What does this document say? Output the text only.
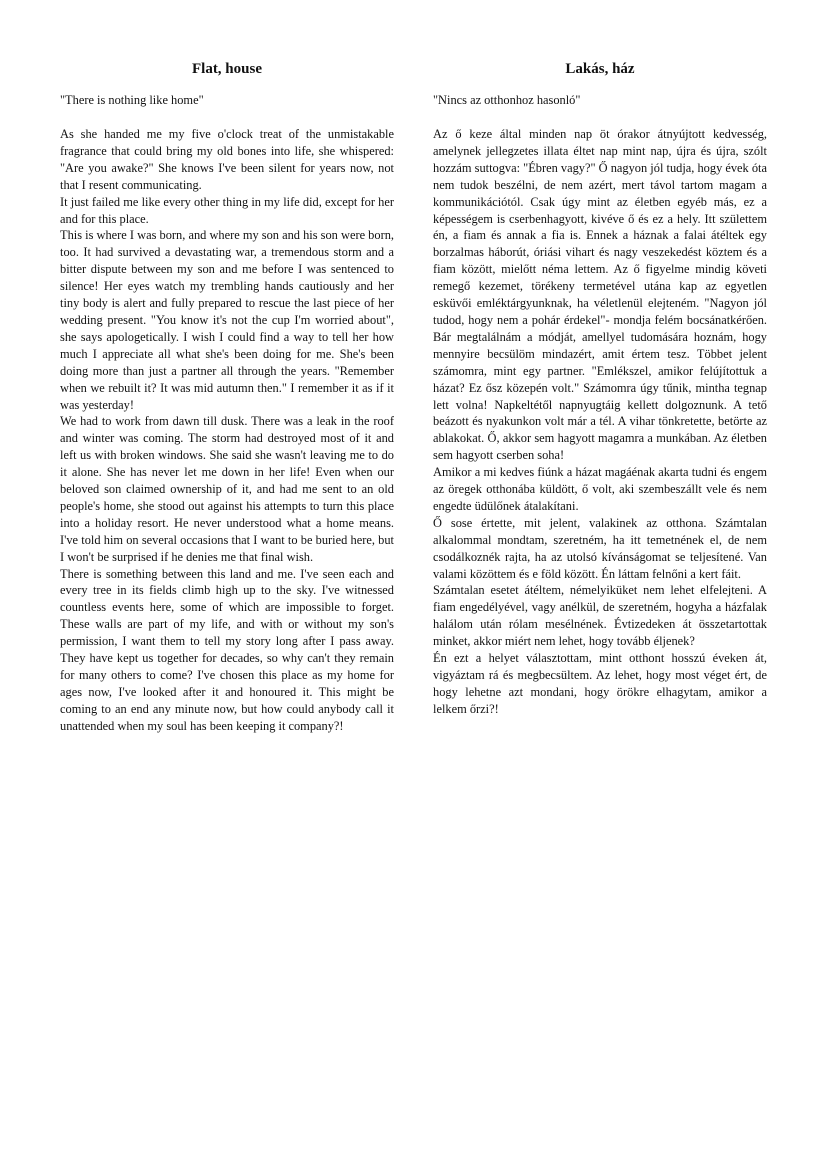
Flat, house

"There is nothing like home"

As she handed me my five o'clock treat of the unmistakable fragrance that could bring my old bones into life, she whispered: "Are you awake?" She knows I've been silent for years now, not that I resent communicating.

It just failed me like every other thing in my life did, except for her and for this place.

This is where I was born, and where my son and his son were born, too. It had survived a devastating war, a tremendous storm and a bitter dispute between my son and me before I was sentenced to silence! Her eyes watch my trembling hands cautiously and her tiny body is alert and fully prepared to rescue the last piece of her wedding present. "You know it's not the cup I'm worried about", she says apologetically. I wish I could find a way to tell her how much I appreciate all what she's been doing for me. She's been doing more than just a partner all through the years. "Remember when we rebuilt it? It was mid autumn then." I remember it as if it was yesterday!

We had to work from dawn till dusk. There was a leak in the roof and winter was coming. The storm had destroyed most of it and left us with broken windows. She said she wasn't leaving me to do it alone. She has never let me down in her life! Even when our beloved son claimed ownership of it, and had me sent to an old people's home, she stood out against his attempts to turn this place into a holiday resort. He never understood what a home means. I've told him on several occasions that I want to be buried here, but I won't be surprised if he denies me that final wish.

There is something between this land and me. I've seen each and every tree in its fields climb high up to the sky. I've witnessed countless events here, some of which are impossible to forget. These walls are part of my life, and with or without my son's permission, I want them to tell my story long after I pass away. They have kept us together for decades, so why can't they remain for many others to come? I've chosen this place as my home for ages now, I've looked after it and honoured it. This might be coming to an end any minute now, but how could anybody call it unattended when my soul has been keeping it company?!

Lakás, ház

"Nincs az otthonhoz hasonló"

Az ő keze által minden nap öt órakor átnyújtott kedvesség, amelynek jellegzetes illata éltet nap mint nap, újra és újra, szólt hozzám suttogva: "Ébren vagy?" Ő nagyon jól tudja, hogy évek óta nem tudok beszélni, de nem azért, mert távol tartom magam a kommunikációtól. Csak úgy mint az életben egyéb más, ez a képességem is cserbenhagyott, kivéve ő és ez a hely. Itt születtem én, a fiam és annak a fia is. Ennek a háznak a falai átéltek egy borzalmas háborút, óriási vihart és nagy veszekedést köztem és a fiam között, mielőtt néma lettem. Az ő figyelme mindig követi remegő kezemet, törékeny termetével utána kap az egyetlen esküvői emléktárgyunknak, ha véletlenül elejteném. "Nagyon jól tudod, hogy nem a pohár érdekel"- mondja felém bocsánatkérően. Bár megtalálnám a módját, amellyel tudomására hoznám, hogy mennyire becsülöm mindazért, amit értem tesz. Többet jelent számomra, mint egy partner. "Emlékszel, amikor felújítottuk a házat? Ez ősz közepén volt." Számomra úgy tűnik, mintha tegnap lett volna! Napkeltétől napnyugtáig kellett dolgoznunk. A tető beázott és nyakunkon volt már a tél. A vihar tönkretette, betörte az ablakokat. Ő, akkor sem hagyott magamra a munkában. Az életben sem hagyott cserben soha!

Amikor a mi kedves fiúnk a házat magáénak akarta tudni és engem az öregek otthonába küldött, ő volt, aki szembeszállt vele és nem engedte üdülőnek átalakítani.

Ő sose értette, mit jelent, valakinek az otthona. Számtalan alkalommal mondtam, szeretném, ha itt temetnének el, de nem csodálkoznék rajta, ha az utolsó kívánságomat se teljesítené. Van valami közöttem és e föld között. Én láttam felnőni a kert fáit.

Számtalan esetet átéltem, némelyiküket nem lehet elfelejteni. A fiam engedélyével, vagy anélkül, de szeretném, hogyha a házfalak halálom után rólam mesélnének. Évtizedeken át összetartottak minket, akkor miért nem lehet, hogy tovább éljenek?

Én ezt a helyet választottam, mint otthont hosszú éveken át, vigyáztam rá és megbecsültem. Az lehet, hogy most véget ért, de hogy lehetne azt mondani, hogy örökre elhagytam, amikor a lelkem őrzi?!
